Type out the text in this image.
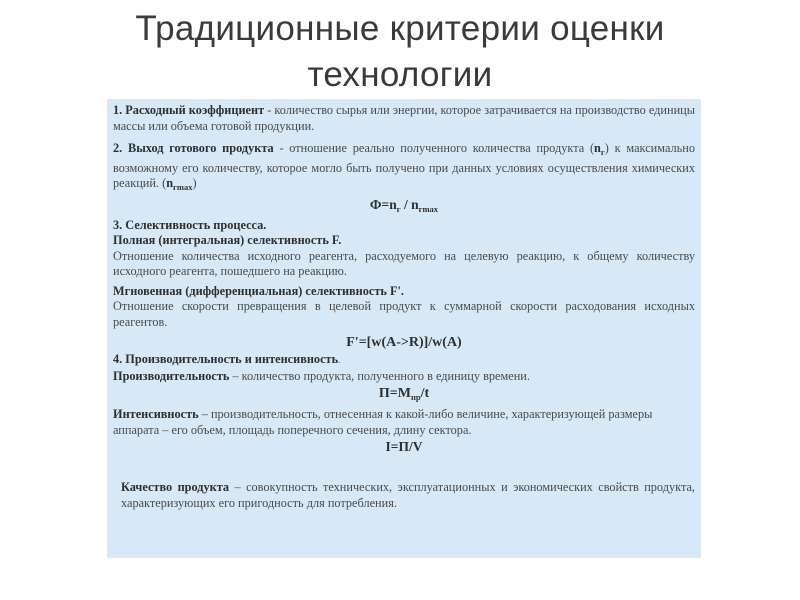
Традиционные критерии оценки
технологии

1. Расходный коэффициент - количество сырья или энергии, которое затрачивается на производство единицы массы или объема готовой продукции.

2. Выход готового продукта - отношение реально полученного количества продукта $(n_г)$ к максимально возможному его количеству, которое могло быть получено при данных условиях осуществления химических реакций. $(n_{гmax})$

$Ф=n_г / n_{гmax}$
3. Селективность процесса.
Полная (интегральная) селективность F.

Отношение количества исходного реагента, расходуемого на целевую реакцию, к общему количеству исходного реагента, пошедшего на реакцию.

Мгновенная (дифференциальная) селективность F'.

Отношение скорости превращения в целевой продукт к суммарной скорости расходования исходных реагентов.

F'=[w(A->R)]/w(A)
4. Производительность и интенсивность.

Производительность – количество продукта, полученного в единицу времени.

$П=М_{пр}/t$

Интенсивность – производительность, отнесенная к какой-либо величине, характеризующей размеры аппарата – его объем, площадь поперечного сечения, длину сектора.

I=П/V

Качество продукта – совокупность технических, эксплуатационных и экономических свойств продукта, характеризующих его пригодность для потребления.
